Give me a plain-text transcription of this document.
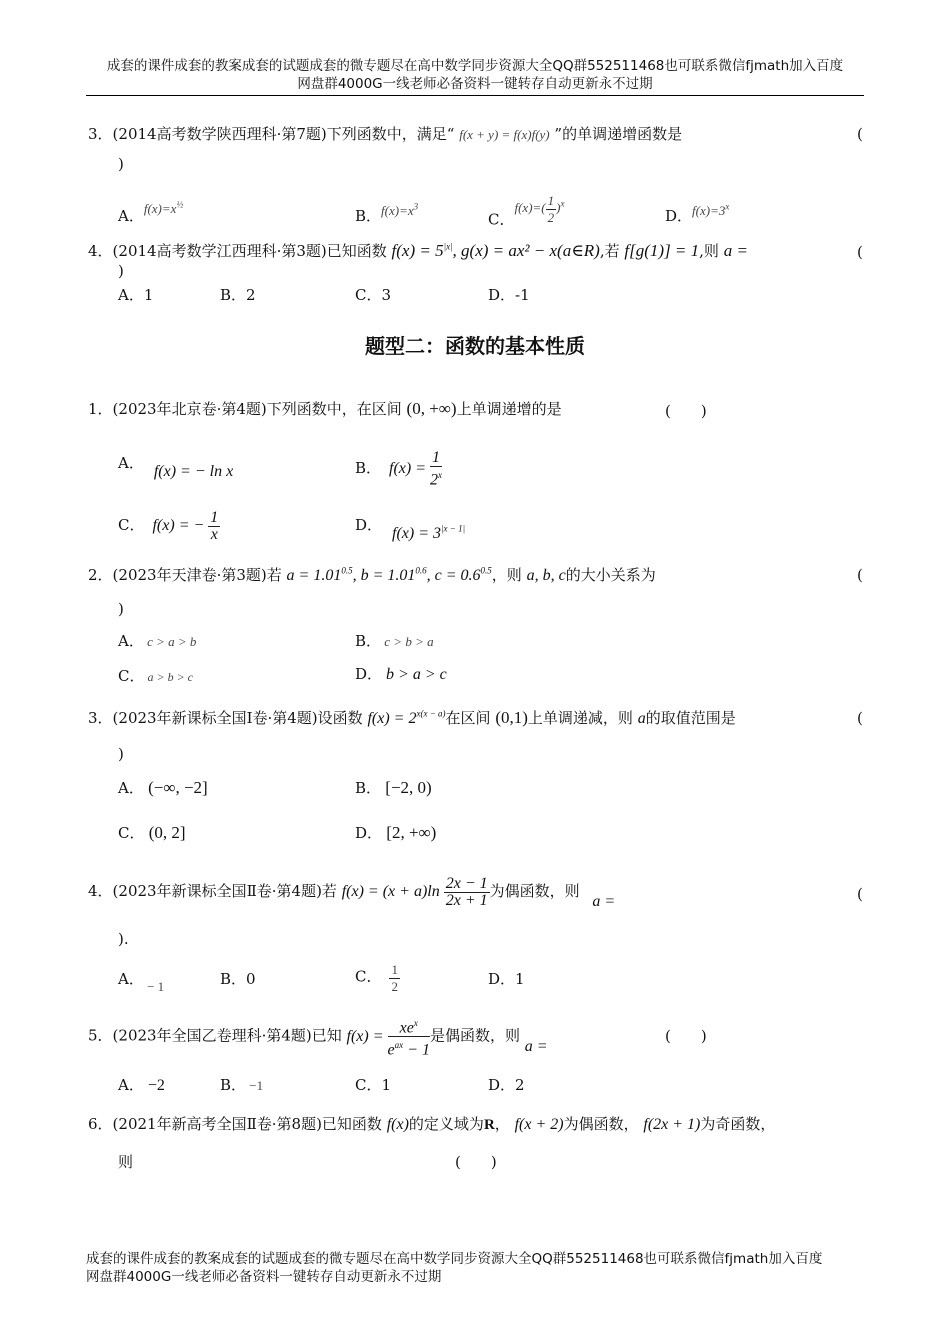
成套的课件成套的教案成套的试题成套的微专题尽在高中数学同步资源大全QQ群552511468也可联系微信fjmath加入百度
网盘群4000G一线老师必备资料一键转存自动更新永不过期
3．(2014高考数学陕西理科·第7题)下列函数中，满足“ f(x + y) = f(x)f(y) ”的单调递增函数是	(
)
A．$f(x)=x^{\frac{1}{2}}$
B．$f(x)=x^3$
C．$f(x)=( \frac{1}{2} )^x$
D．$f(x)=3^x$
4．(2014高考数学江西理科·第3题)已知函数 $f(x) = 5^{|x|}$, g(x) = ax² − x(a∈R),若 f[g(1)] = 1,则 a =	(
)
A．1	B．2	C．3	D．-1
题型二：函数的基本性质
1．(2023年北京卷·第4题)下列函数中，在区间 (0, +∞)上单调递增的是	(　　)
A． f(x) = − ln x	B． $f(x) = \frac{1}{2^x}$
C． f(x) = − $\frac{1}{x}$	D． $f(x) = 3^{|x - 1|}$
2．(2023年天津卷·第3题)若 $a = 1.01^{0.5}$, $b = 1.01^{0.6}$, $c = 0.6^{0.5}$，则 a, b, c的大小关系为	(
)
A． c > a > b	B． c > b > a
C． a > b > c	D． b > a > c
3．(2023年新课标全国Ⅰ卷·第4题)设函数 $f(x) = 2^{x(x - a)}$在区间 (0,1)上单调递减，则 a的取值范围是	(
)
A． (−∞, −2]	B． [−2, 0)
C． (0, 2]	D． [2, +∞)
4．(2023年新课标全国Ⅱ卷·第4题)若 $f(x) = (x + a)\ln \frac{2x - 1}{2x + 1}$ 为偶函数，则 a =	(
).
A． − 1	B．0	C． $\frac{1}{2}$	D．1
5．(2023年全国乙卷理科·第4题)已知 $f(x) = \frac{xe^x}{e^{ax} - 1}$ 是偶函数，则 a =
(　　)
A． −2	B． −1	C．1	D．2
6．(2021年新高考全国Ⅱ卷·第8题)已知函数 f(x)的定义域为R， f(x + 2)为偶函数， f(2x + 1)为奇函数，
则	(　　)
成套的课件成套的教案成套的试题成套的微专题尽在高中数学同步资源大全QQ群552511468也可联系微信fjmath加入百度
网盘群4000G一线老师必备资料一键转存自动更新永不过期
